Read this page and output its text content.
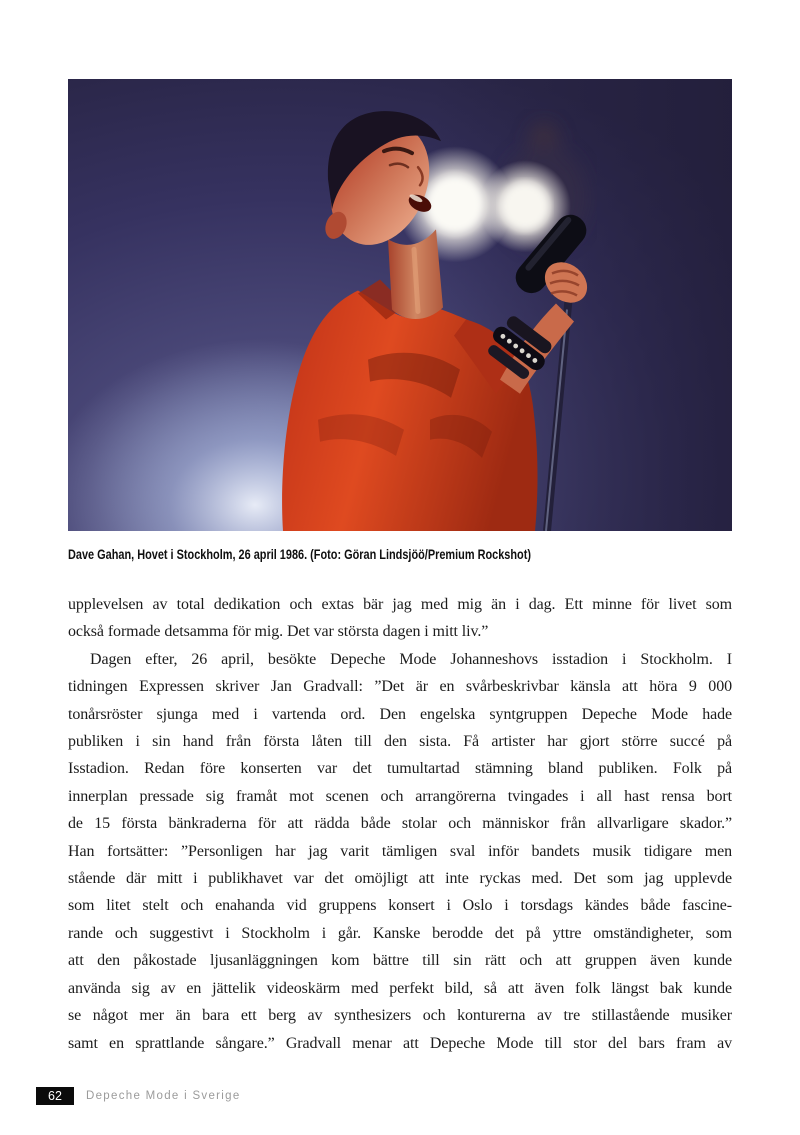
Dave Gahan, Hovet i Stockholm, 26 april 1986. (Foto: Göran Lindsjöö/Premium Rockshot)
upplevelsen av total dedikation och extas bär jag med mig än i dag. Ett minne för livet som
också formade detsamma för mig. Det var största dagen i mitt liv.”
Dagen efter, 26 april, besökte Depeche Mode Johanneshovs isstadion i Stockholm. I
tidningen Expressen skriver Jan Gradvall: ”Det är en svårbeskrivbar känsla att höra 9 000
tonårsröster sjunga med i vartenda ord. Den engelska syntgruppen Depeche Mode hade
publiken i sin hand från första låten till den sista. Få artister har gjort större succé på
Isstadion. Redan före konserten var det tumultartad stämning bland publiken. Folk på
innerplan pressade sig framåt mot scenen och arrangörerna tvingades i all hast rensa bort
de 15 första bänkraderna för att rädda både stolar och människor från allvarligare skador.”
Han fortsätter: ”Personligen har jag varit tämligen sval inför bandets musik tidigare men
stående där mitt i publikhavet var det omöjligt att inte ryckas med. Det som jag upplevde
som litet stelt och enahanda vid gruppens konsert i Oslo i torsdags kändes både fascine-
rande och suggestivt i Stockholm i går. Kanske berodde det på yttre omständigheter, som
att den påkostade ljusanläggningen kom bättre till sin rätt och att gruppen även kunde
använda sig av en jättelik videoskärm med perfekt bild, så att även folk längst bak kunde
se något mer än bara ett berg av synthesizers och konturerna av tre stillastående musiker
samt en sprattlande sångare.” Gradvall menar att Depeche Mode till stor del bars fram av
62	Depeche Mode i Sverige
